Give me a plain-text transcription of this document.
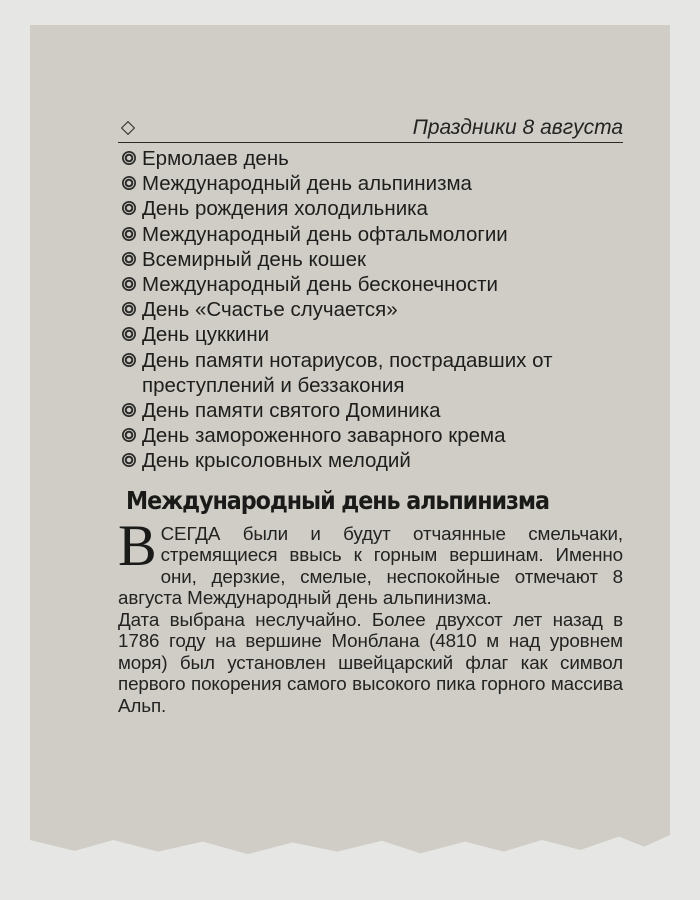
Праздники 8 августа
Ермолаев день
Международный день альпинизма
День рождения холодильника
Международный день офтальмологии
Всемирный день кошек
Международный день бесконечности
День «Счастье случается»
День цуккини
День памяти нотариусов, пострадавших от преступлений и беззакония
День памяти святого Доминика
День замороженного заварного крема
День крысоловных мелодий
Международный день альпинизма

ВСЕГДА были и будут отчаянные смельчаки, стремящиеся ввысь к горным вершинам. Именно они, дерзкие, смелые, неспокойные отмечают 8 августа Международный день альпинизма.

Дата выбрана неслучайно. Более двухсот лет назад в 1786 году на вершине Монблана (4810 м над уровнем моря) был установлен швейцарский флаг как символ первого покорения самого высокого пика горного массива Альп.
